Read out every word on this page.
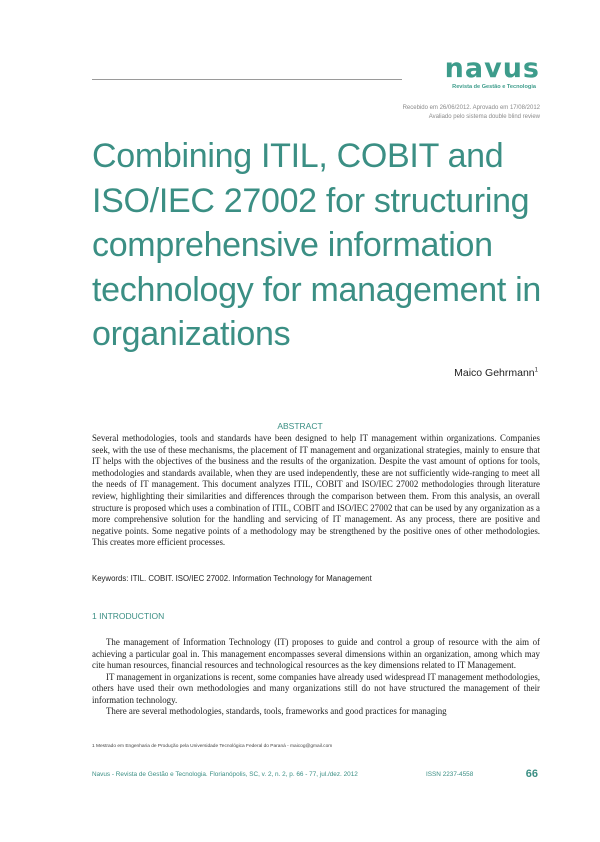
navus
Revista de Gestão e Tecnologia
Recebido em 26/06/2012. Aprovado em 17/08/2012
Avaliado pelo sistema double blind review
Combining ITIL, COBIT and ISO/IEC 27002 for structuring comprehensive information technology for management in organizations
Maico Gehrmann$^1$
ABSTRACT

Several methodologies, tools and standards have been designed to help IT management within organizations. Companies seek, with the use of these mechanisms, the placement of IT management and organizational strategies, mainly to ensure that IT helps with the objectives of the business and the results of the organization. Despite the vast amount of options for tools, methodologies and standards available, when they are used independently, these are not sufficiently wide-ranging to meet all the needs of IT management. This document analyzes ITIL, COBIT and ISO/IEC 27002 methodologies through literature review, highlighting their similarities and differences through the comparison between them. From this analysis, an overall structure is proposed which uses a combination of ITIL, COBIT and ISO/IEC 27002 that can be used by any organization as a more comprehensive solution for the handling and servicing of IT management. As any process, there are positive and negative points. Some negative points of a methodology may be strengthened by the positive ones of other methodologies. This creates more efficient processes.

Keywords: ITIL. COBIT. ISO/IEC 27002. Information Technology for Management
1 INTRODUCTION

The management of Information Technology (IT) proposes to guide and control a group of resource with the aim of achieving a particular goal in. This management encompasses several dimensions within an organization, among which may cite human resources, financial resources and technological resources as the key dimensions related to IT Management.

IT management in organizations is recent, some companies have already used widespread IT management methodologies, others have used their own methodologies and many organizations still do not have structured the management of their information technology.

There are several methodologies, standards, tools, frameworks and good practices for managing

1 Mestrado em Engenharia de Produção pela Universidade Tecnológica Federal do Paraná - maicog@gmail.com
Navus - Revista de Gestão e Tecnologia. Florianópolis, SC, v. 2, n. 2, p. 66 - 77, jul./dez. 2012	ISSN 2237-4558	66
